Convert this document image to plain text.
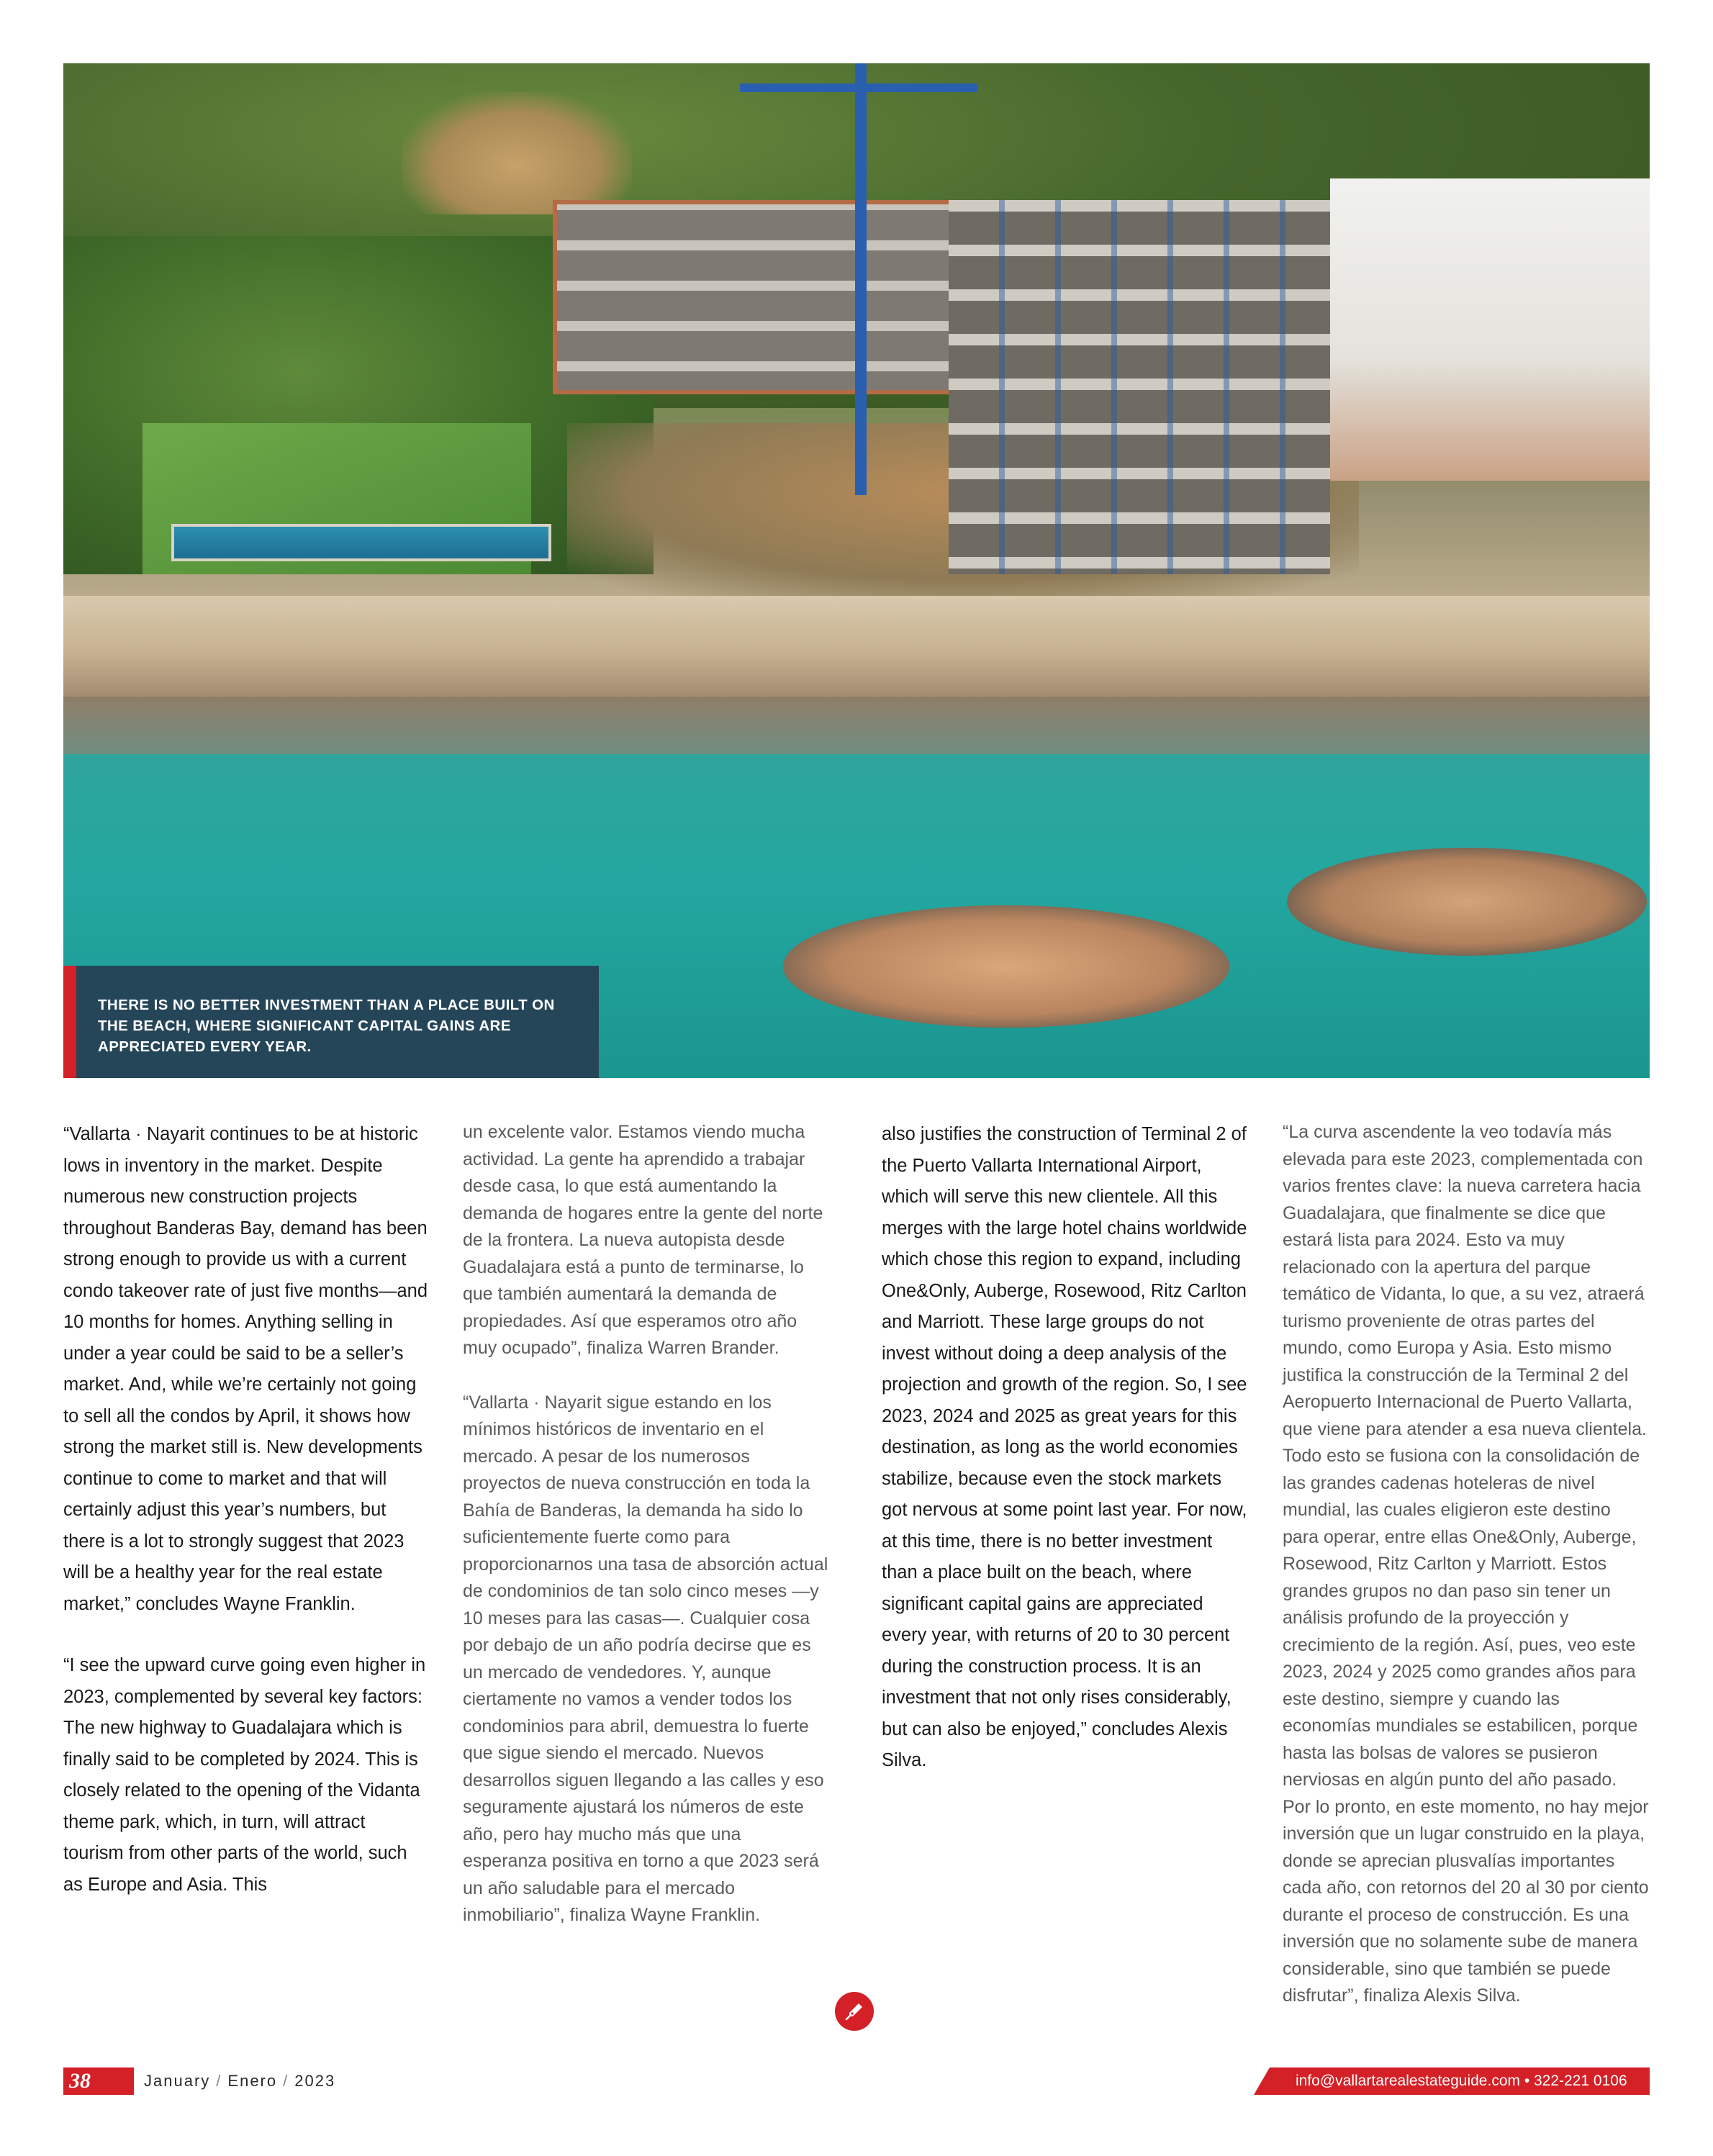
THERE IS NO BETTER INVESTMENT THAN A PLACE BUILT ON THE BEACH, WHERE SIGNIFICANT CAPITAL GAINS ARE APPRECIATED EVERY YEAR.

“Vallarta · Nayarit continues to be at historic lows in inventory in the market. Despite numerous new construction projects throughout Banderas Bay, demand has been strong enough to provide us with a current condo takeover rate of just five months—and 10 months for homes. Anything selling in under a year could be said to be a seller’s market. And, while we’re certainly not going to sell all the condos by April, it shows how strong the market still is. New developments continue to come to market and that will certainly adjust this year’s numbers, but there is a lot to strongly suggest that 2023 will be a healthy year for the real estate market,” concludes Wayne Franklin.

“I see the upward curve going even higher in 2023, complemented by several key factors: The new highway to Guadalajara which is finally said to be completed by 2024. This is closely related to the opening of the Vidanta theme park, which, in turn, will attract tourism from other parts of the world, such as Europe and Asia. This

un excelente valor. Estamos viendo mucha actividad. La gente ha aprendido a trabajar desde casa, lo que está aumentando la demanda de hogares entre la gente del norte de la frontera. La nueva autopista desde Guadalajara está a punto de terminarse, lo que también aumentará la demanda de propiedades. Así que esperamos otro año muy ocupado”, finaliza Warren Brander.

“Vallarta · Nayarit sigue estando en los mínimos históricos de inventario en el mercado. A pesar de los numerosos proyectos de nueva construcción en toda la Bahía de Banderas, la demanda ha sido lo suficientemente fuerte como para proporcionarnos una tasa de absorción actual de condominios de tan solo cinco meses —y 10 meses para las casas—. Cualquier cosa por debajo de un año podría decirse que es un mercado de vendedores. Y, aunque ciertamente no vamos a vender todos los condominios para abril, demuestra lo fuerte que sigue siendo el mercado. Nuevos desarrollos siguen llegando a las calles y eso seguramente ajustará los números de este año, pero hay mucho más que una esperanza positiva en torno a que 2023 será un año saludable para el mercado inmobiliario”, finaliza Wayne Franklin.

also justifies the construction of Terminal 2 of the Puerto Vallarta International Airport, which will serve this new clientele. All this merges with the large hotel chains worldwide which chose this region to expand, including One&Only, Auberge, Rosewood, Ritz Carlton and Marriott. These large groups do not invest without doing a deep analysis of the projection and growth of the region. So, I see 2023, 2024 and 2025 as great years for this destination, as long as the world economies stabilize, because even the stock markets got nervous at some point last year. For now, at this time, there is no better investment than a place built on the beach, where significant capital gains are appreciated every year, with returns of 20 to 30 percent during the construction process. It is an investment that not only rises considerably, but can also be enjoyed,” concludes Alexis Silva.

“La curva ascendente la veo todavía más elevada para este 2023, complementada con varios frentes clave: la nueva carretera hacia Guadalajara, que finalmente se dice que estará lista para 2024. Esto va muy relacionado con la apertura del parque temático de Vidanta, lo que, a su vez, atraerá turismo proveniente de otras partes del mundo, como Europa y Asia. Esto mismo justifica la construcción de la Terminal 2 del Aeropuerto Internacional de Puerto Vallarta, que viene para atender a esa nueva clientela. Todo esto se fusiona con la consolidación de las grandes cadenas hoteleras de nivel mundial, las cuales eligieron este destino para operar, entre ellas One&Only, Auberge, Rosewood, Ritz Carlton y Marriott. Estos grandes grupos no dan paso sin tener un análisis profundo de la proyección y crecimiento de la región. Así, pues, veo este 2023, 2024 y 2025 como grandes años para este destino, siempre y cuando las economías mundiales se estabilicen, porque hasta las bolsas de valores se pusieron nerviosas en algún punto del año pasado. Por lo pronto, en este momento, no hay mejor inversión que un lugar construido en la playa, donde se aprecian plusvalías importantes cada año, con retornos del 20 al 30 por ciento durante el proceso de construcción. Es una inversión que no solamente sube de manera considerable, sino que también se puede disfrutar”, finaliza Alexis Silva.

38	January / Enero / 2023	info@vallartarealestateguide.com • 322-221 0106
